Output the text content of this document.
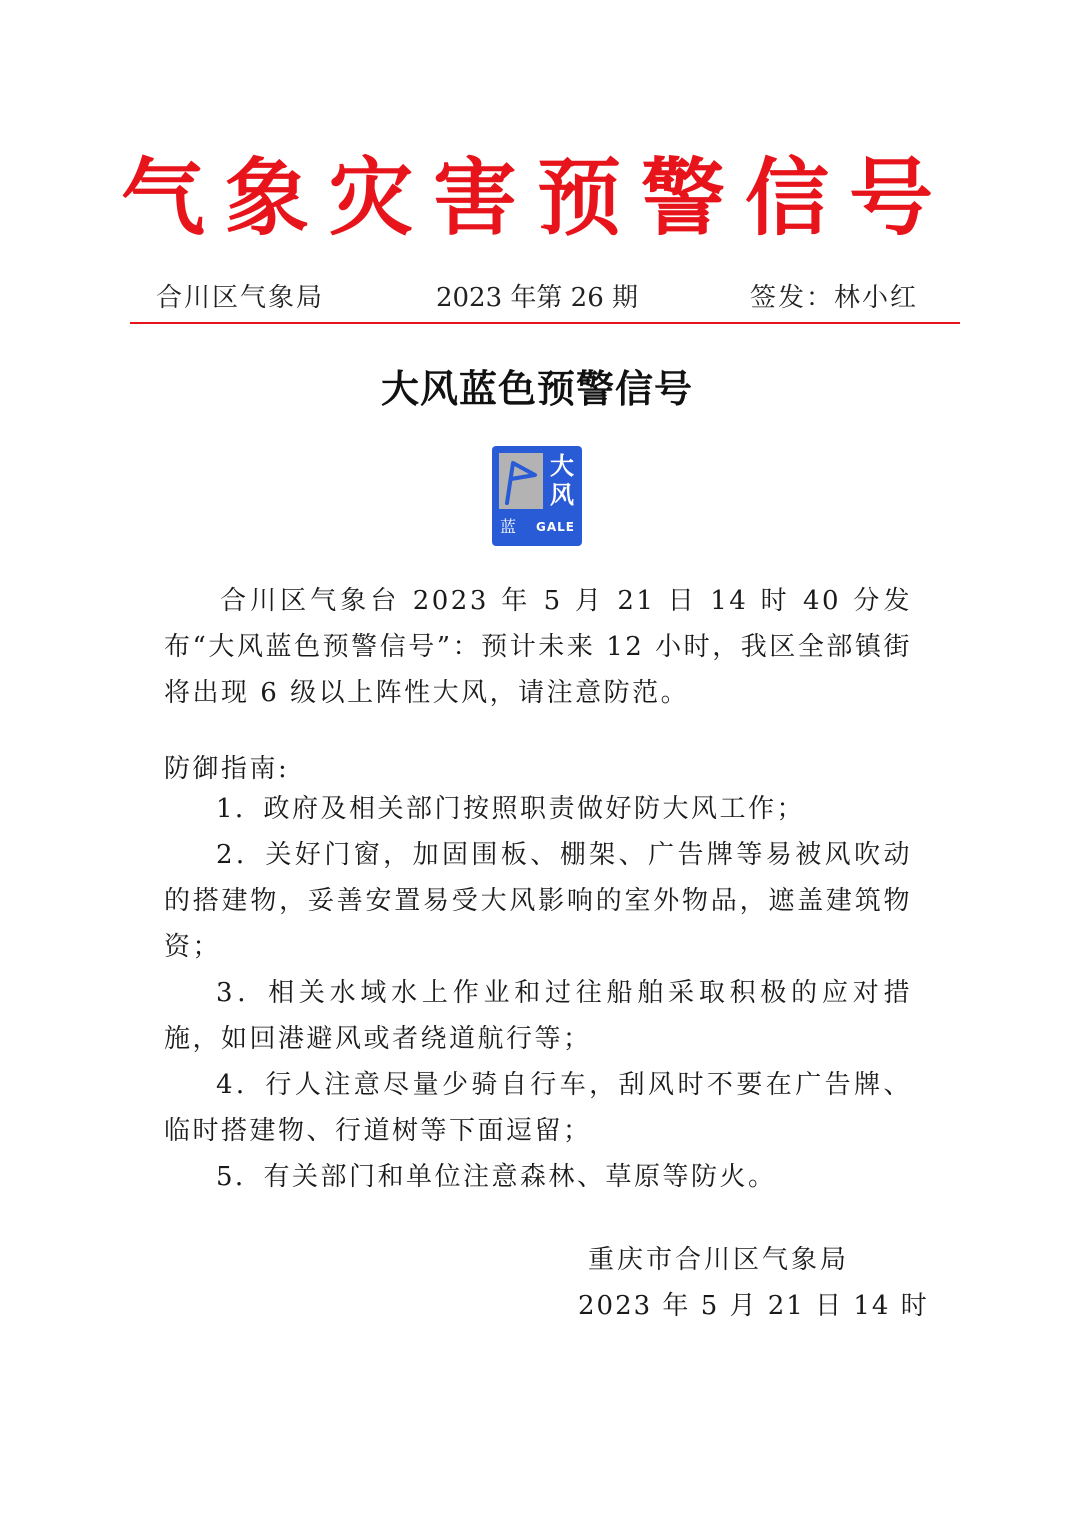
气象灾害预警信号
合川区气象局	2023 年第 26 期	签发：林小红
大风蓝色预警信号
大风
蓝 GALE

合川区气象台 2023 年 5 月 21 日 14 时 40 分发布“大风蓝色预警信号”：预计未来 12 小时，我区全部镇街将出现 6 级以上阵性大风，请注意防范。

防御指南:
1．政府及相关部门按照职责做好防大风工作；
2．关好门窗，加固围板、棚架、广告牌等易被风吹动的搭建物，妥善安置易受大风影响的室外物品，遮盖建筑物资；
3．相关水域水上作业和过往船舶采取积极的应对措施，如回港避风或者绕道航行等；
4．行人注意尽量少骑自行车，刮风时不要在广告牌、临时搭建物、行道树等下面逗留；
5．有关部门和单位注意森林、草原等防火。
重庆市合川区气象局
2023 年 5 月 21 日 14 时
